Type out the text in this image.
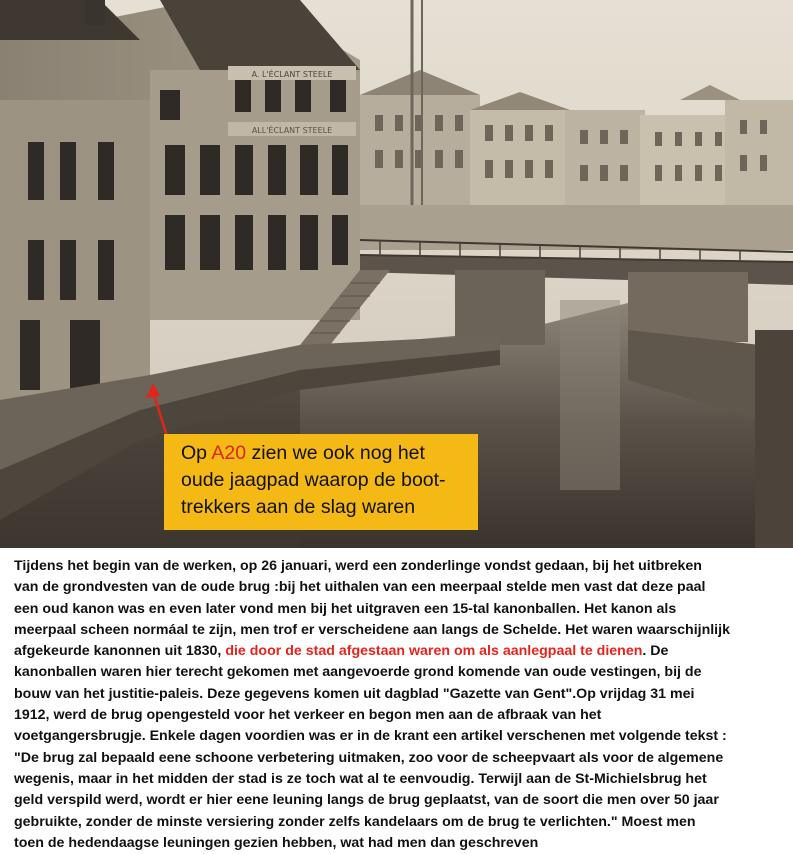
A. L'ÉCLANT STEELE
ALL'ÉCLANT STEELE
Op A20 zien we ook nog het
oude jaagpad waarop de boot-
trekkers aan de slag waren
Tijdens het begin van de werken, op 26 januari, werd een zonderlinge vondst gedaan, bij het uitbreken
van de grondvesten van de oude brug :bij het uithalen van een meerpaal stelde men vast dat deze paal
een oud kanon was en even later vond men bij het uitgraven een 15-tal kanonballen. Het kanon als
meerpaal scheen normáal te zijn, men trof er verscheidene aan langs de Schelde. Het waren waarschijnlijk
afgekeurde kanonnen uit 1830, die door de stad afgestaan waren om als aanlegpaal te dienen. De
kanonballen waren hier terecht gekomen met aangevoerde grond komende van oude vestingen, bij de
bouw van het justitie-paleis. Deze gegevens komen uit dagblad "Gazette van Gent".Op vrijdag 31 mei
1912, werd de brug opengesteld voor het verkeer en begon men aan de afbraak van het
voetgangersbrugje. Enkele dagen voordien was er in de krant een artikel verschenen met volgende tekst :
"De brug zal bepaald eene schoone verbetering uitmaken, zoo voor de scheepvaart als voor de algemene
wegenis, maar in het midden der stad is ze toch wat al te eenvoudig. Terwijl aan de St-Michielsbrug het
geld verspild werd, wordt er hier eene leuning langs de brug geplaatst, van de soort die men over 50 jaar
gebruikte, zonder de minste versiering zonder zelfs kandelaars om de brug te verlichten." Moest men
toen de hedendaagse leuningen gezien hebben, wat had men dan geschreven
